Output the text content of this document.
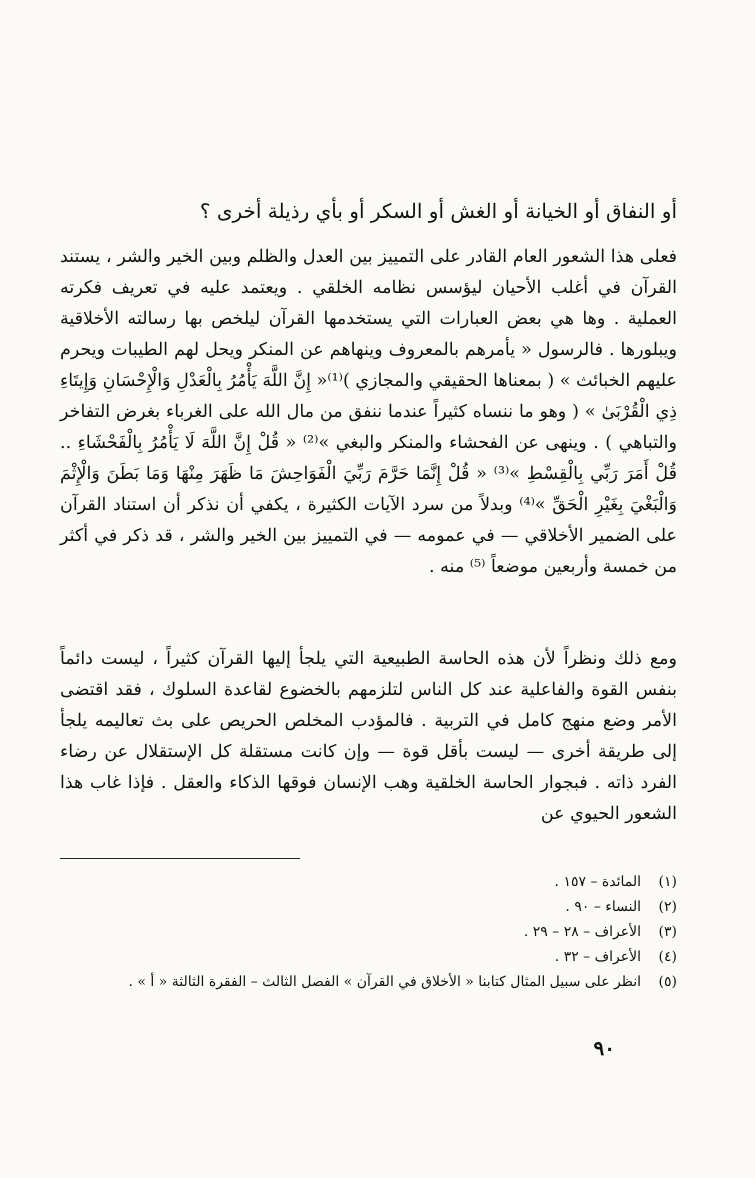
أو النفاق أو الخيانة أو الغش أو السكر أو بأي رذيلة أخرى ؟

فعلى هذا الشعور العام القادر على التمييز بين العدل والظلم وبين الخير والشر ، يستند القرآن في أغلب الأحيان ليؤسس نظامه الخلقي . ويعتمد عليه في تعريف فكرته العملية . وها هي بعض العبارات التي يستخدمها القرآن ليلخص بها رسالته الأخلاقية ويبلورها . فالرسول « يأمرهم بالمعروف وينهاهم عن المنكر ويحل لهم الطيبات ويحرم عليهم الخبائث » ( بمعناها الحقيقي والمجازي )⁽¹⁾« إِنَّ اللَّهَ يَأْمُرُ بِالْعَدْلِ وَالْإِحْسَانِ وَإِيتَاءِ ذِي الْقُرْبَىٰ » ( وهو ما ننساه كثيراً عندما ننفق من مال الله على الغرباء بغرض التفاخر والتباهي ) . وينهى عن الفحشاء والمنكر والبغي »⁽²⁾ « قُلْ إِنَّ اللَّهَ لَا يَأْمُرُ بِالْفَحْشَاءِ .. قُلْ أَمَرَ رَبِّي بِالْقِسْطِ »⁽³⁾ « قُلْ إِنَّمَا حَرَّمَ رَبِّيَ الْفَوَاحِشَ مَا ظَهَرَ مِنْهَا وَمَا بَطَنَ وَالْإِثْمَ وَالْبَغْيَ بِغَيْرِ الْحَقِّ »⁽⁴⁾ وبدلاً من سرد الآيات الكثيرة ، يكفي أن نذكر أن استناد القرآن على الضمير الأخلاقي — في عمومه — في التمييز بين الخير والشر ، قد ذكر في أكثر من خمسة وأربعين موضعاً ⁽⁵⁾ منه .

ومع ذلك ونظراً لأن هذه الحاسة الطبيعية التي يلجأ إليها القرآن كثيراً ، ليست دائماً بنفس القوة والفاعلية عند كل الناس لتلزمهم بالخضوع لقاعدة السلوك ، فقد اقتضى الأمر وضع منهج كامل في التربية . فالمؤدب المخلص الحريص على بث تعاليمه يلجأ إلى طريقة أخرى — ليست بأقل قوة — وإن كانت مستقلة كل الإستقلال عن رضاء الفرد ذاته . فبجوار الحاسة الخلقية وهب الإنسان فوقها الذكاء والعقل . فإذا غاب هذا الشعور الحيوي عن

(١)
المائدة – ١٥٧ .
(٢)
النساء – ٩٠ .
(٣)
الأعراف – ٢٨ – ٢٩ .
(٤)
الأعراف – ٣٢ .
(٥)
انظر على سبيل المثال كتابنا « الأخلاق في القرآن » الفصل الثالث – الفقرة الثالثة « أ » .
٩٠
